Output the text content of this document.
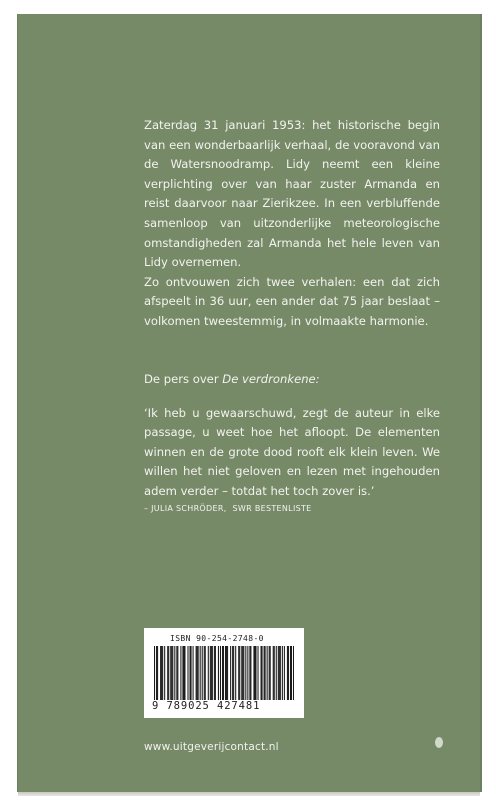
Zaterdag 31 januari 1953: het historische begin van een wonderbaarlijk verhaal, de vooravond van de Watersnoodramp. Lidy neemt een kleine verplichting over van haar zuster Armanda en reist daarvoor naar Zierikzee. In een verbluffende samenloop van uitzonderlijke meteorologische omstandigheden zal Armanda het hele leven van Lidy overnemen.

Zo ontvouwen zich twee verhalen: een dat zich afspeelt in 36 uur, een ander dat 75 jaar beslaat – volkomen tweestemmig, in volmaakte harmonie.

De pers over De verdronkene:

‘Ik heb u gewaarschuwd, zegt de auteur in elke passage, u weet hoe het afloopt. De elementen winnen en de grote dood rooft elk klein leven. We willen het niet geloven en lezen met ingehouden adem verder – totdat het toch zover is.’

– JULIA SCHRÖDER, SWR BESTENLISTE
ISBN 90-254-2748-0
9 789025 427481
www.uitgeverijcontact.nl
